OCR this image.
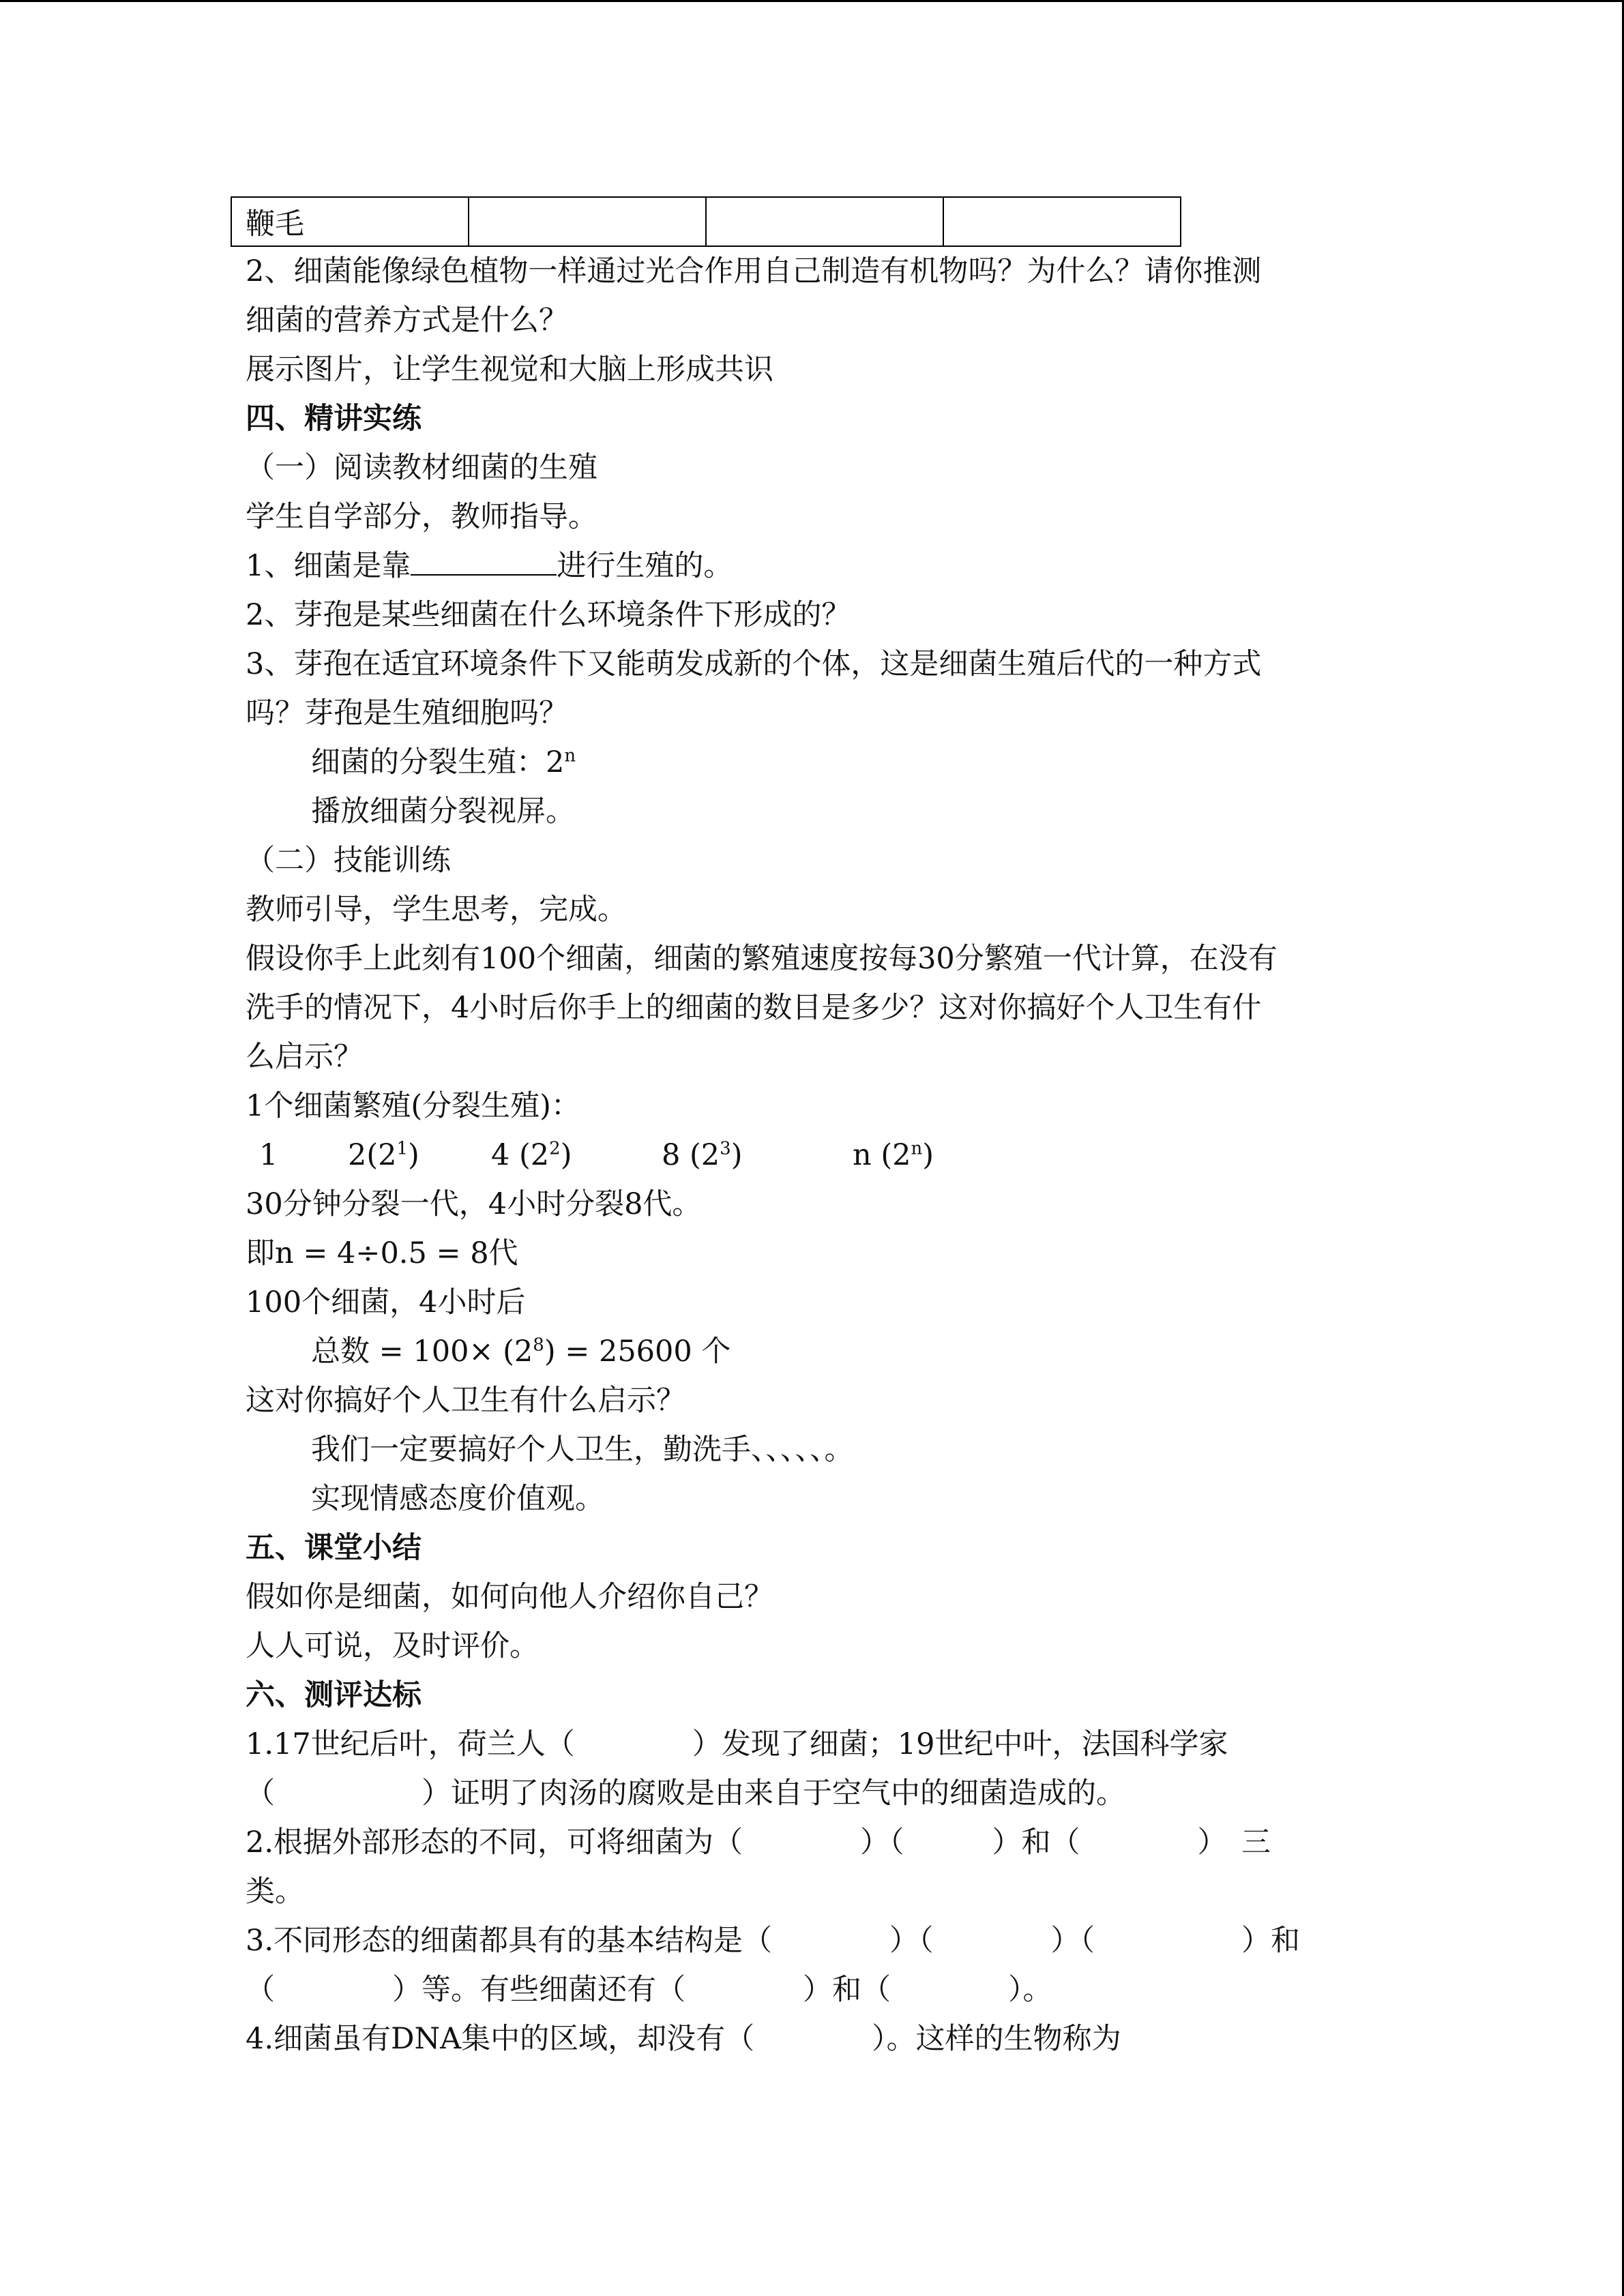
鞭毛			
2、细菌能像绿色植物一样通过光合作用自己制造有机物吗？为什么？请你推测
细菌的营养方式是什么？
展示图片，让学生视觉和大脑上形成共识
四、精讲实练
（一）阅读教材细菌的生殖
学生自学部分，教师指导。
1、细菌是靠	进行生殖的。
2、芽孢是某些细菌在什么环境条件下形成的？
3、芽孢在适宜环境条件下又能萌发成新的个体，这是细菌生殖后代的一种方式
吗？芽孢是生殖细胞吗？
细菌的分裂生殖：2$^n$
播放细菌分裂视屏。
（二）技能训练
教师引导，学生思考，完成。
假设你手上此刻有100个细菌，细菌的繁殖速度按每30分繁殖一代计算，在没有
洗手的情况下，4小时后你手上的细菌的数目是多少？这对你搞好个人卫生有什
么启示？
1个细菌繁殖(分裂生殖)：
1 $2(2^1)$ 4 $(2^2)$	8 $(2^3)$	n (2$^n$)
30分钟分裂一代，4小时分裂8代。
即n = 4÷0.5 = 8代
100个细菌，4小时后
总数 = $100\times (2^8) = 25600$ 个
这对你搞好个人卫生有什么启示？
我们一定要搞好个人卫生，勤洗手、、、、、。
实现情感态度价值观。
五、课堂小结
假如你是细菌，如何向他人介绍你自己？
人人可说，及时评价。
六、测评达标
1.17世纪后叶，荷兰人（　　　　）发现了细菌；19世纪中叶，法国科学家
（　　　　　）证明了肉汤的腐败是由来自于空气中的细菌造成的。
2.根据外部形态的不同，可将细菌为（　　　　）（　　　）和（　　　　）　三
类。
3.不同形态的细菌都具有的基本结构是（　　　　）（　　　　）（　　　　　）和
（　　　　）等。有些细菌还有（　　　　）和（　　　　）。
4.细菌虽有DNA集中的区域，却没有（　　　　）。这样的生物称为
